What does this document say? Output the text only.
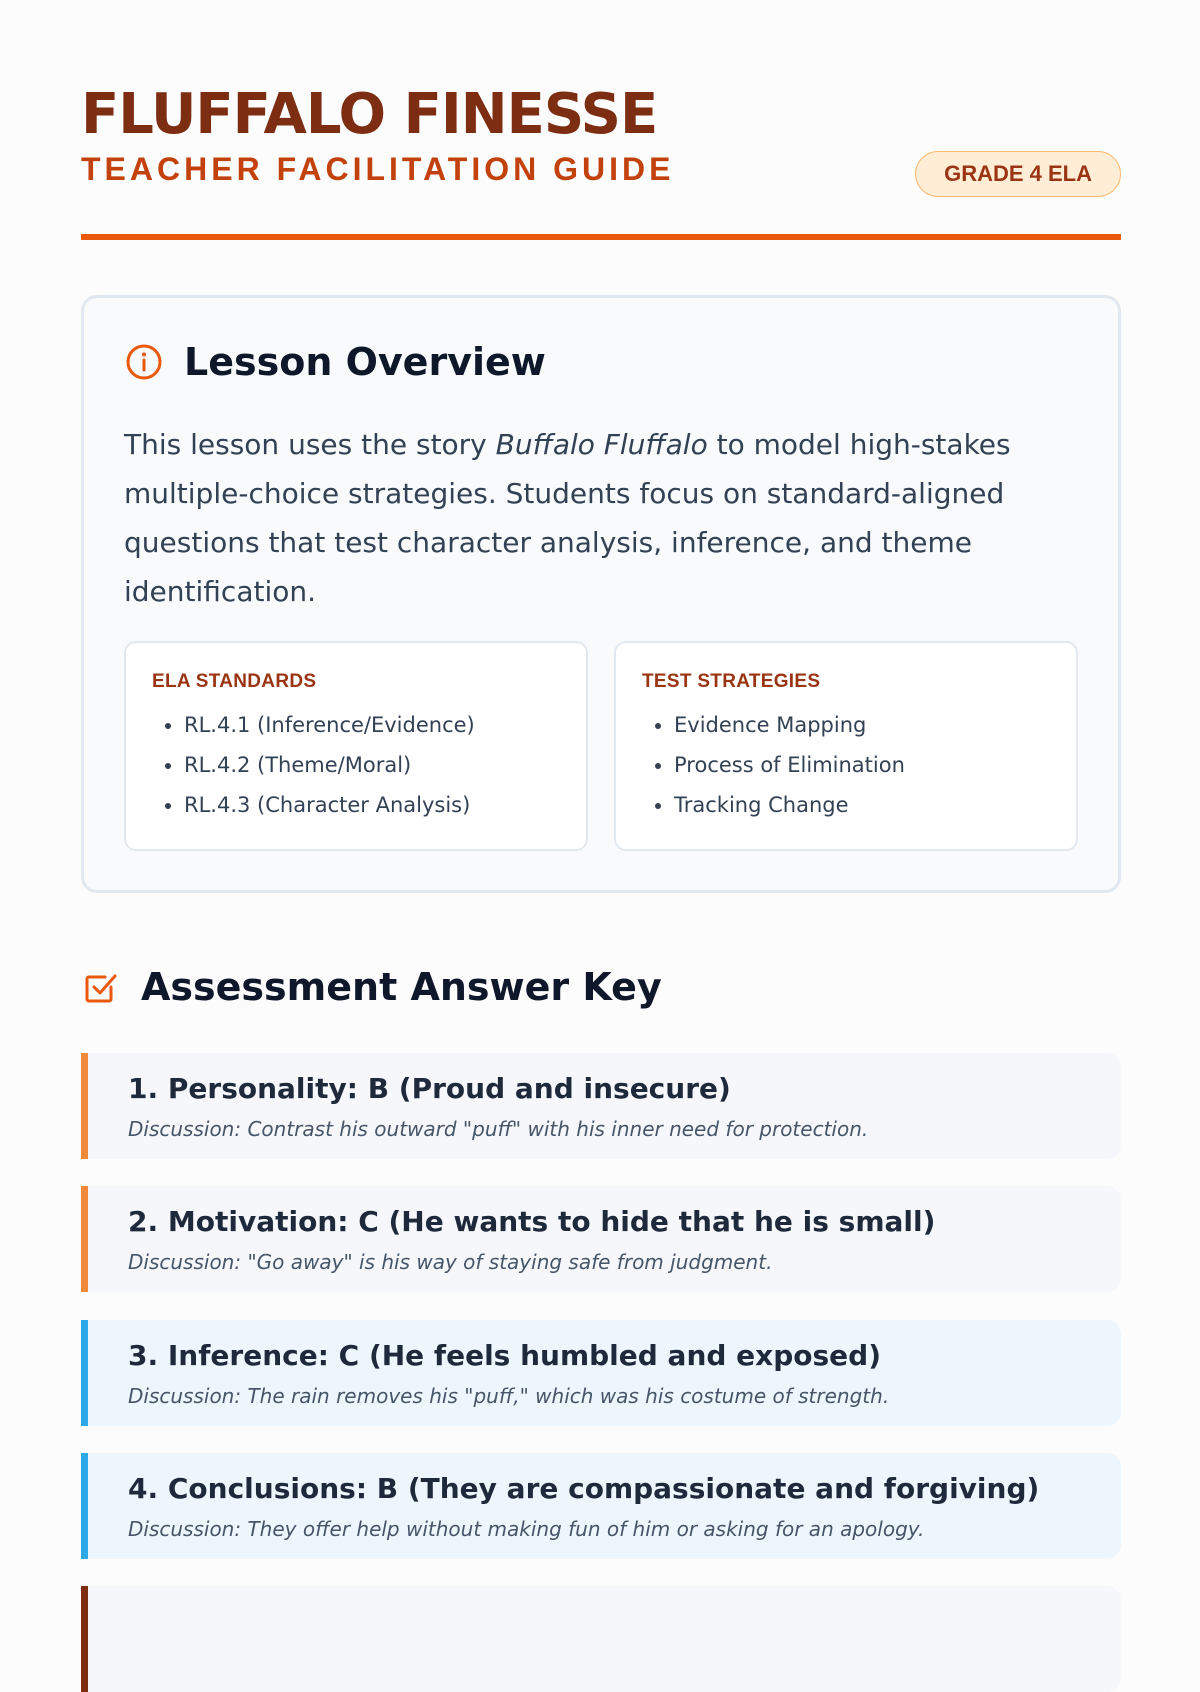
FLUFFALO FINESSE
TEACHER FACILITATION GUIDE	GRADE 4 ELA
Lesson Overview
This lesson uses the story Buffalo Fluffalo to model high-stakes multiple-choice strategies. Students focus on standard-aligned questions that test character analysis, inference, and theme identification.
ELA STANDARDS
• RL.4.1 (Inference/Evidence)
• RL.4.2 (Theme/Moral)
• RL.4.3 (Character Analysis)
TEST STRATEGIES
• Evidence Mapping
• Process of Elimination
• Tracking Change
Assessment Answer Key
1. Personality: B (Proud and insecure)
Discussion: Contrast his outward "puff" with his inner need for protection.
2. Motivation: C (He wants to hide that he is small)
Discussion: "Go away" is his way of staying safe from judgment.
3. Inference: C (He feels humbled and exposed)
Discussion: The rain removes his "puff," which was his costume of strength.
4. Conclusions: B (They are compassionate and forgiving)
Discussion: They offer help without making fun of him or asking for an apology.
